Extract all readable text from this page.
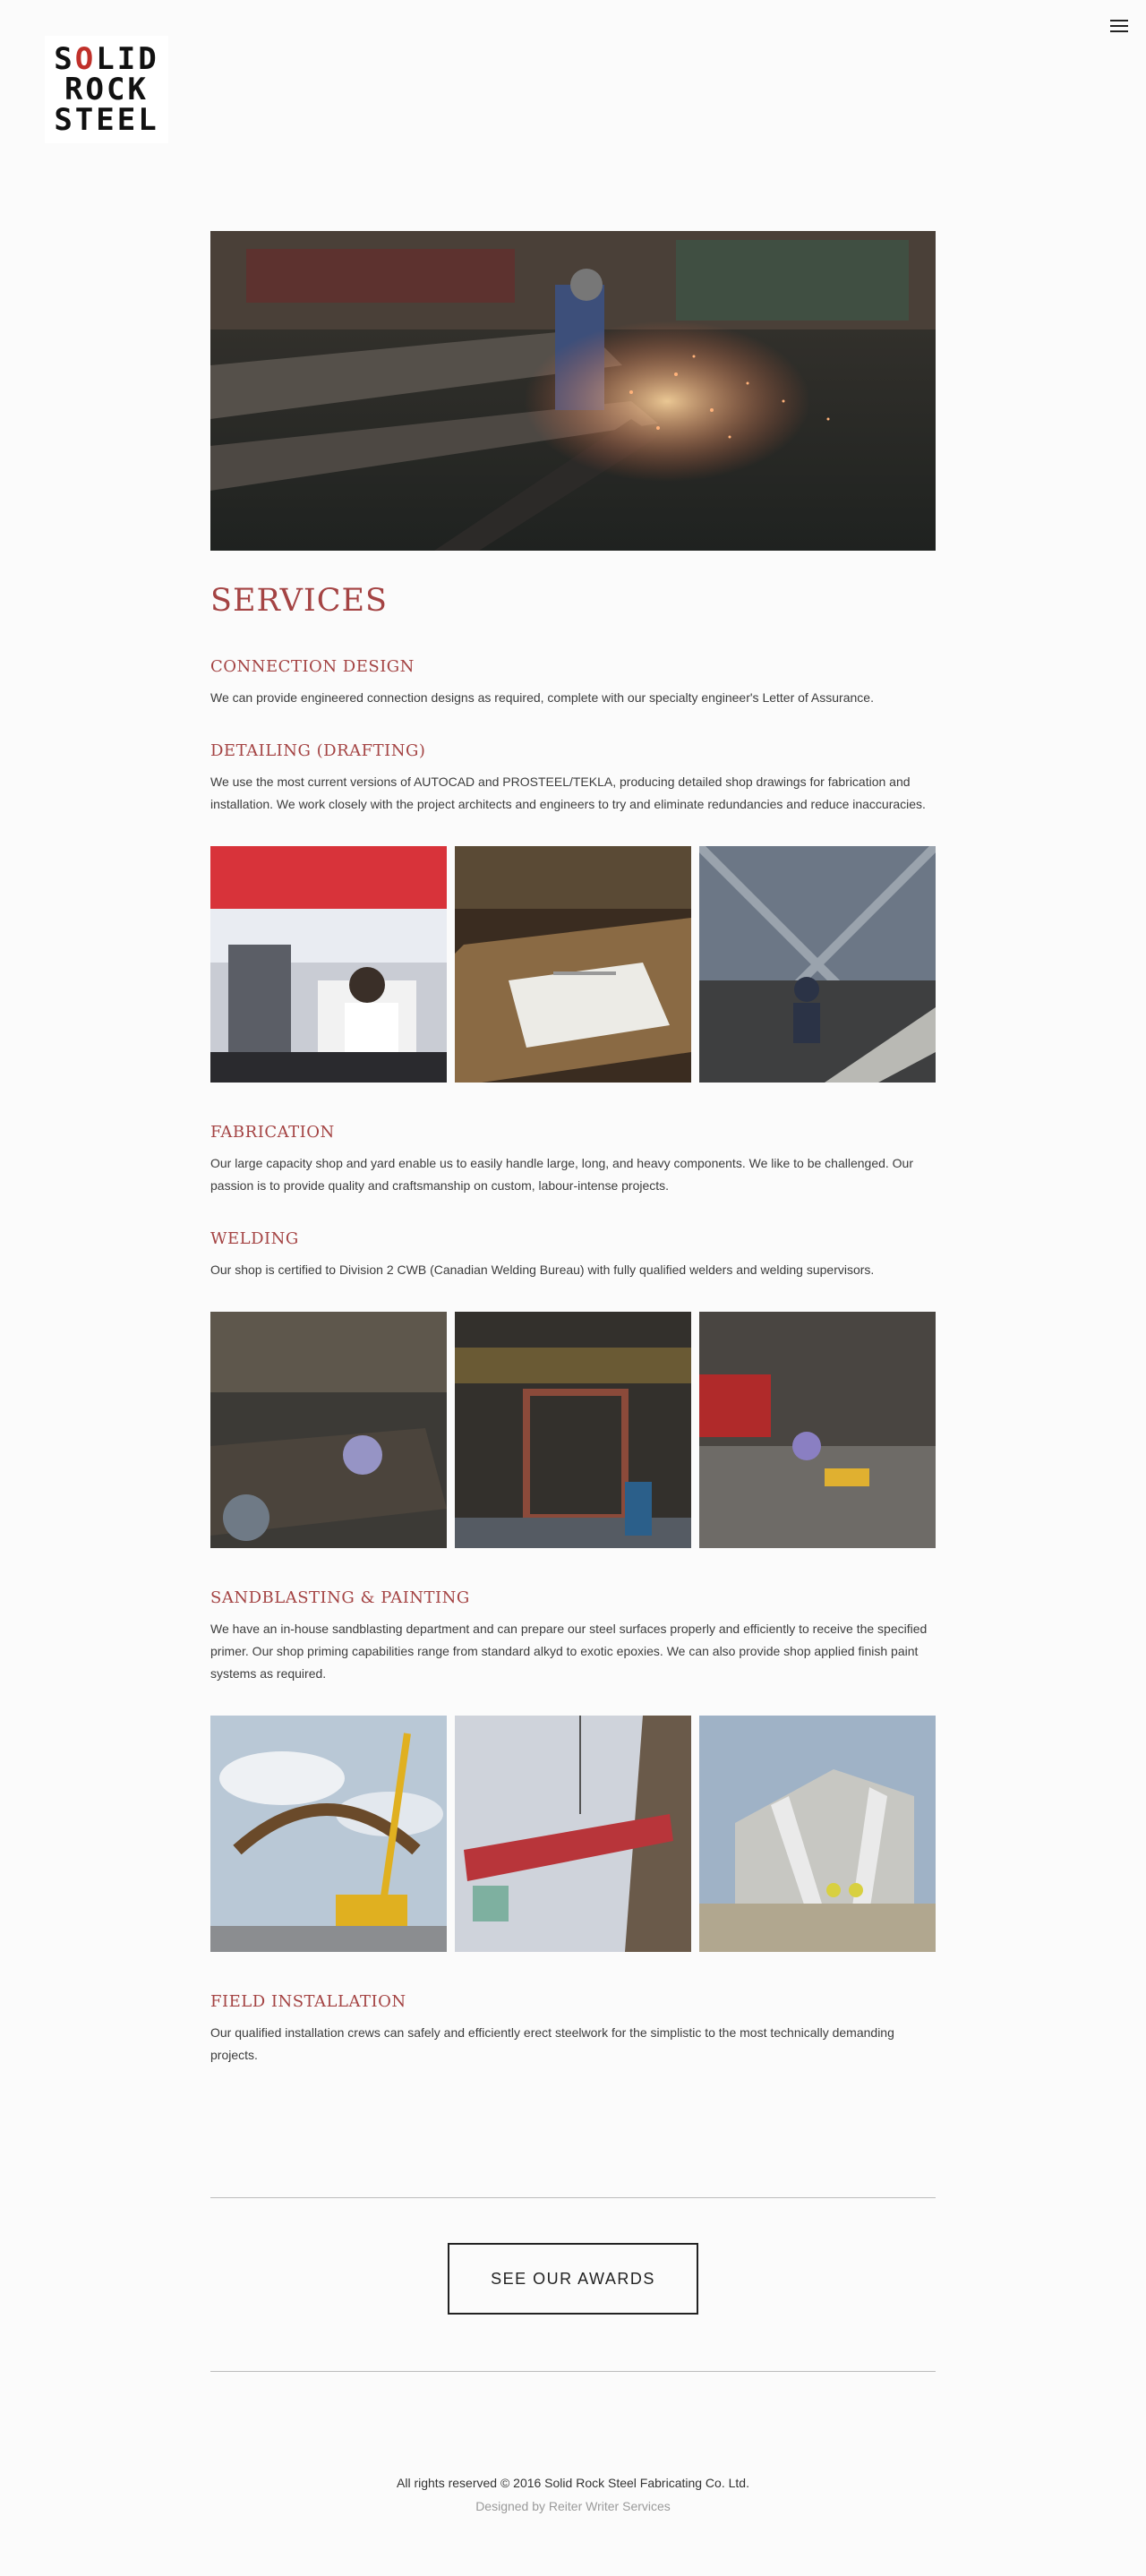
SOLID
ROCK
STEEL
SERVICES
CONNECTION DESIGN

We can provide engineered connection designs as required, complete with our specialty engineer's Letter of Assurance.

DETAILING (DRAFTING)

We use the most current versions of AUTOCAD and PROSTEEL/TEKLA, producing detailed shop drawings for fabrication and installation. We work closely with the project architects and engineers to try and eliminate redundancies and reduce inaccuracies.

FABRICATION

Our large capacity shop and yard enable us to easily handle large, long, and heavy components. We like to be challenged. Our passion is to provide quality and craftsmanship on custom, labour-intense projects.

WELDING

Our shop is certified to Division 2 CWB (Canadian Welding Bureau) with fully qualified welders and welding supervisors.

SANDBLASTING & PAINTING

We have an in-house sandblasting department and can prepare our steel surfaces properly and efficiently to receive the specified primer. Our shop priming capabilities range from standard alkyd to exotic epoxies. We can also provide shop applied finish paint systems as required.

FIELD INSTALLATION

Our qualified installation crews can safely and efficiently erect steelwork for the simplistic to the most technically demanding projects.

SEE OUR AWARDS
All rights reserved © 2016 Solid Rock Steel Fabricating Co. Ltd.
Designed by Reiter Writer Services
